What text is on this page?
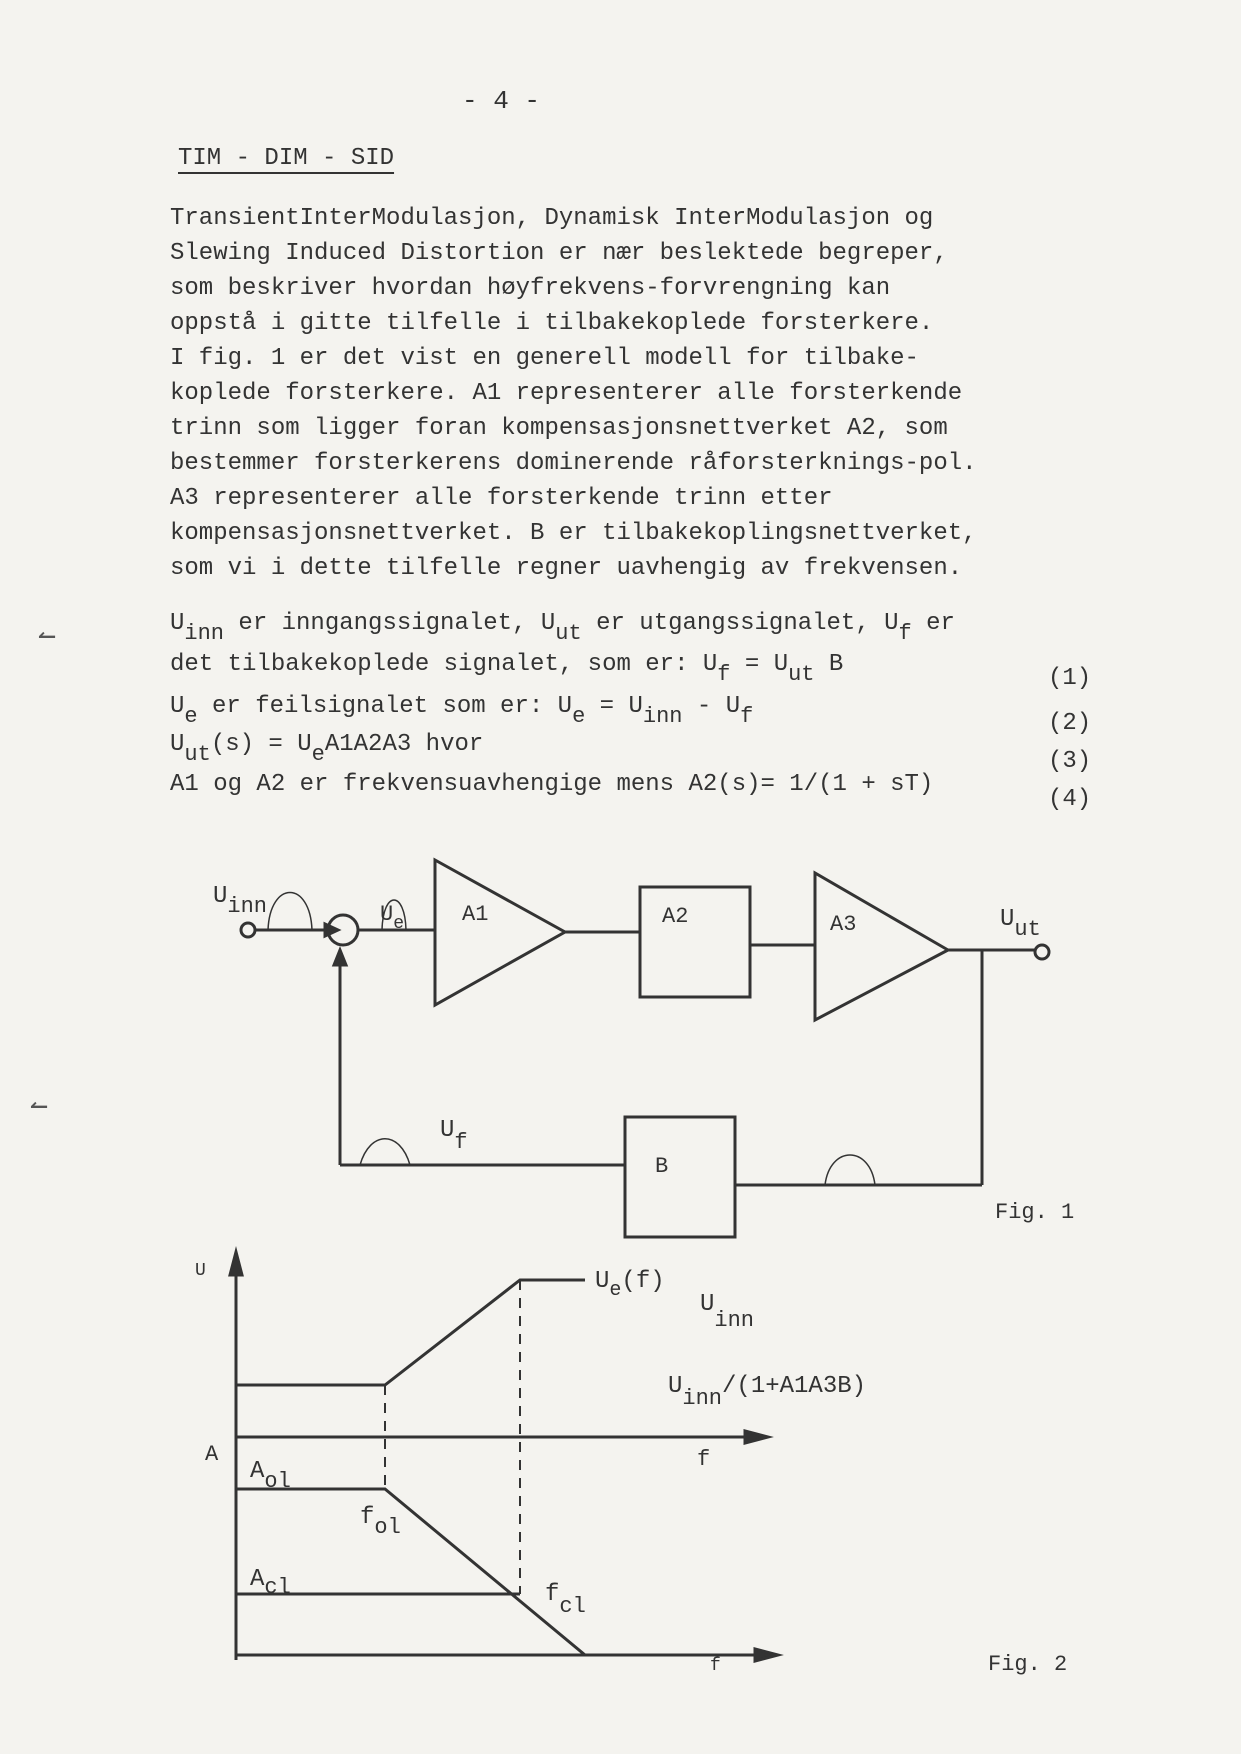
- 4 -
TIM - DIM - SID
TransientInterModulasjon, Dynamisk InterModulasjon og
Slewing Induced Distortion er nær beslektede begreper,
som beskriver hvordan høyfrekvens-forvrengning kan
oppstå i gitte tilfelle i tilbakekoplede forsterkere.
I fig. 1 er det vist en generell modell for tilbake-
koplede forsterkere. A1 representerer alle forsterkende
trinn som ligger foran kompensasjonsnettverket A2, som
bestemmer forsterkerens dominerende råforsterknings-pol.
A3 representerer alle forsterkende trinn etter
kompensasjonsnettverket. B er tilbakekoplingsnettverket,
som vi i dette tilfelle regner uavhengig av frekvensen.
Uinn er inngangssignalet, Uut er utgangssignalet, Uf er
det tilbakekoplede signalet, som er: Uf = Uut B
Ue er feilsignalet som er: Ue = Uinn - Uf
Uut(s) = UeA1A2A3 hvor
A1 og A2 er frekvensuavhengige mens A2(s)= 1/(1 + sT)
(1)
(2)
(3)
(4)
Uinn	$U_e$	A1	A2	A3	Uut
Uf
B
Fig. 1
U
A
$U_e(f)$
Uinn
Uinn/(1+A1A3B)
f
Aol
fol
Acl	fcl
f	Fig. 2
↼
↼
